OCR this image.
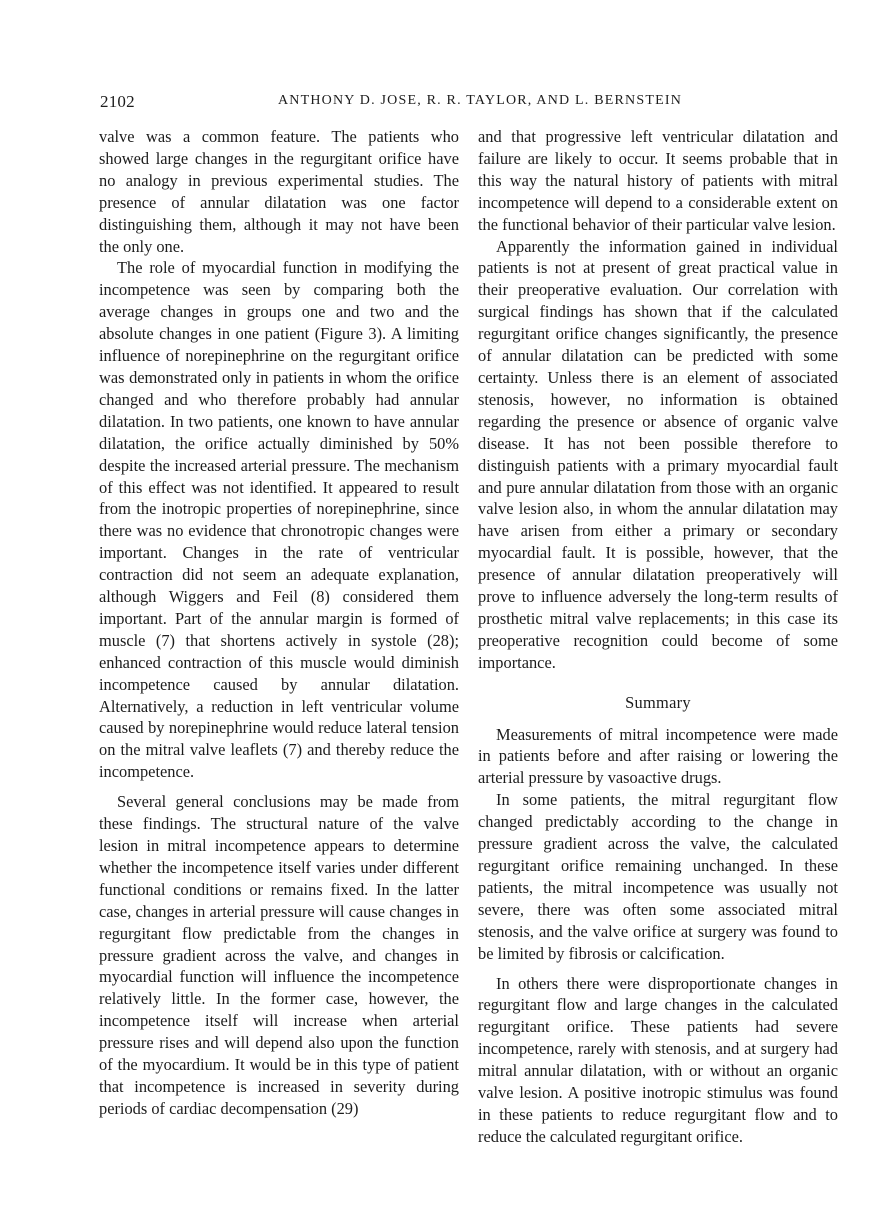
2102	ANTHONY D. JOSE, R. R. TAYLOR, AND L. BERNSTEIN

valve was a common feature. The patients who showed large changes in the regurgitant orifice have no analogy in previous experimental studies. The presence of annular dilatation was one factor distinguishing them, although it may not have been the only one.

The role of myocardial function in modifying the incompetence was seen by comparing both the average changes in groups one and two and the absolute changes in one patient (Figure 3). A limiting influence of norepinephrine on the regurgitant orifice was demonstrated only in patients in whom the orifice changed and who therefore probably had annular dilatation. In two patients, one known to have annular dilatation, the orifice actually diminished by 50% despite the increased arterial pressure. The mechanism of this effect was not identified. It appeared to result from the inotropic properties of norepinephrine, since there was no evidence that chronotropic changes were important. Changes in the rate of ventricular contraction did not seem an adequate explanation, although Wiggers and Feil (8) considered them important. Part of the annular margin is formed of muscle (7) that shortens actively in systole (28); enhanced contraction of this muscle would diminish incompetence caused by annular dilatation. Alternatively, a reduction in left ventricular volume caused by norepinephrine would reduce lateral tension on the mitral valve leaflets (7) and thereby reduce the incompetence.

Several general conclusions may be made from these findings. The structural nature of the valve lesion in mitral incompetence appears to determine whether the incompetence itself varies under different functional conditions or remains fixed. In the latter case, changes in arterial pressure will cause changes in regurgitant flow predictable from the changes in pressure gradient across the valve, and changes in myocardial function will influence the incompetence relatively little. In the former case, however, the incompetence itself will increase when arterial pressure rises and will depend also upon the function of the myocardium. It would be in this type of patient that incompetence is increased in severity during periods of cardiac decompensation (29)

and that progressive left ventricular dilatation and failure are likely to occur. It seems probable that in this way the natural history of patients with mitral incompetence will depend to a considerable extent on the functional behavior of their particular valve lesion.

Apparently the information gained in individual patients is not at present of great practical value in their preoperative evaluation. Our correlation with surgical findings has shown that if the calculated regurgitant orifice changes significantly, the presence of annular dilatation can be predicted with some certainty. Unless there is an element of associated stenosis, however, no information is obtained regarding the presence or absence of organic valve disease. It has not been possible therefore to distinguish patients with a primary myocardial fault and pure annular dilatation from those with an organic valve lesion also, in whom the annular dilatation may have arisen from either a primary or secondary myocardial fault. It is possible, however, that the presence of annular dilatation preoperatively will prove to influence adversely the long-term results of prosthetic mitral valve replacements; in this case its preoperative recognition could become of some importance.

Summary

Measurements of mitral incompetence were made in patients before and after raising or lowering the arterial pressure by vasoactive drugs.

In some patients, the mitral regurgitant flow changed predictably according to the change in pressure gradient across the valve, the calculated regurgitant orifice remaining unchanged. In these patients, the mitral incompetence was usually not severe, there was often some associated mitral stenosis, and the valve orifice at surgery was found to be limited by fibrosis or calcification.

In others there were disproportionate changes in regurgitant flow and large changes in the calculated regurgitant orifice. These patients had severe incompetence, rarely with stenosis, and at surgery had mitral annular dilatation, with or without an organic valve lesion. A positive inotropic stimulus was found in these patients to reduce regurgitant flow and to reduce the calculated regurgitant orifice.
